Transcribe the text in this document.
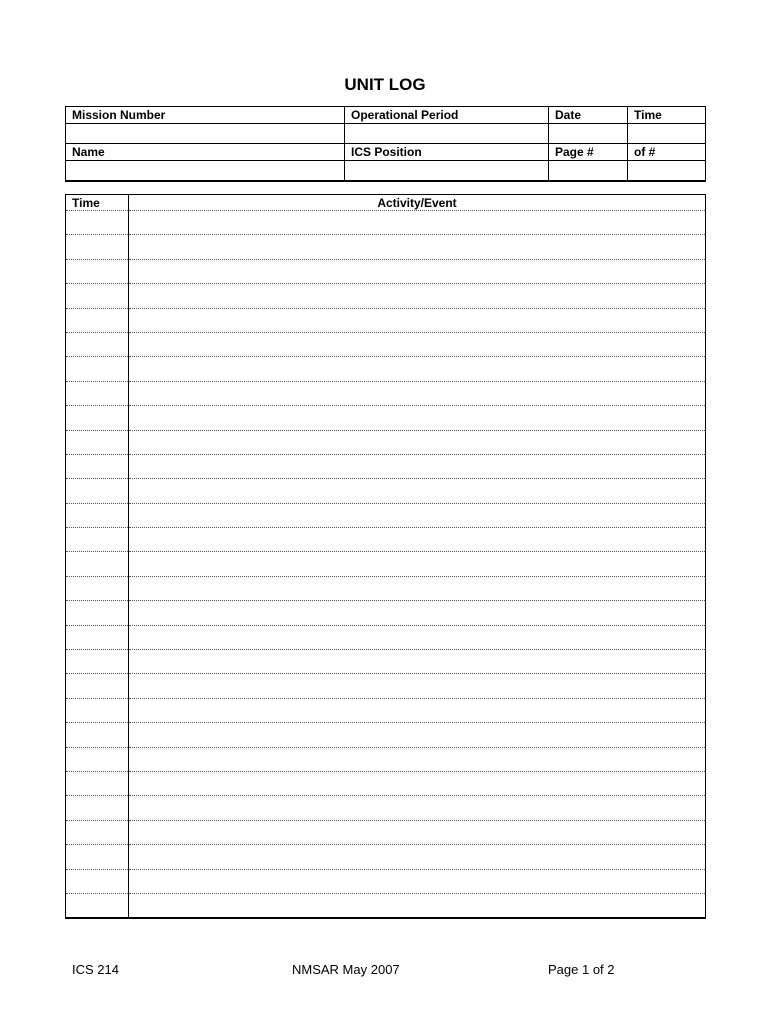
UNIT LOG
Mission Number	Operational Period	Date	Time

Name	ICS Position	Page #	of #

Time	Activity/Event

ICS 214	NMSAR May 2007	Page 1 of 2
